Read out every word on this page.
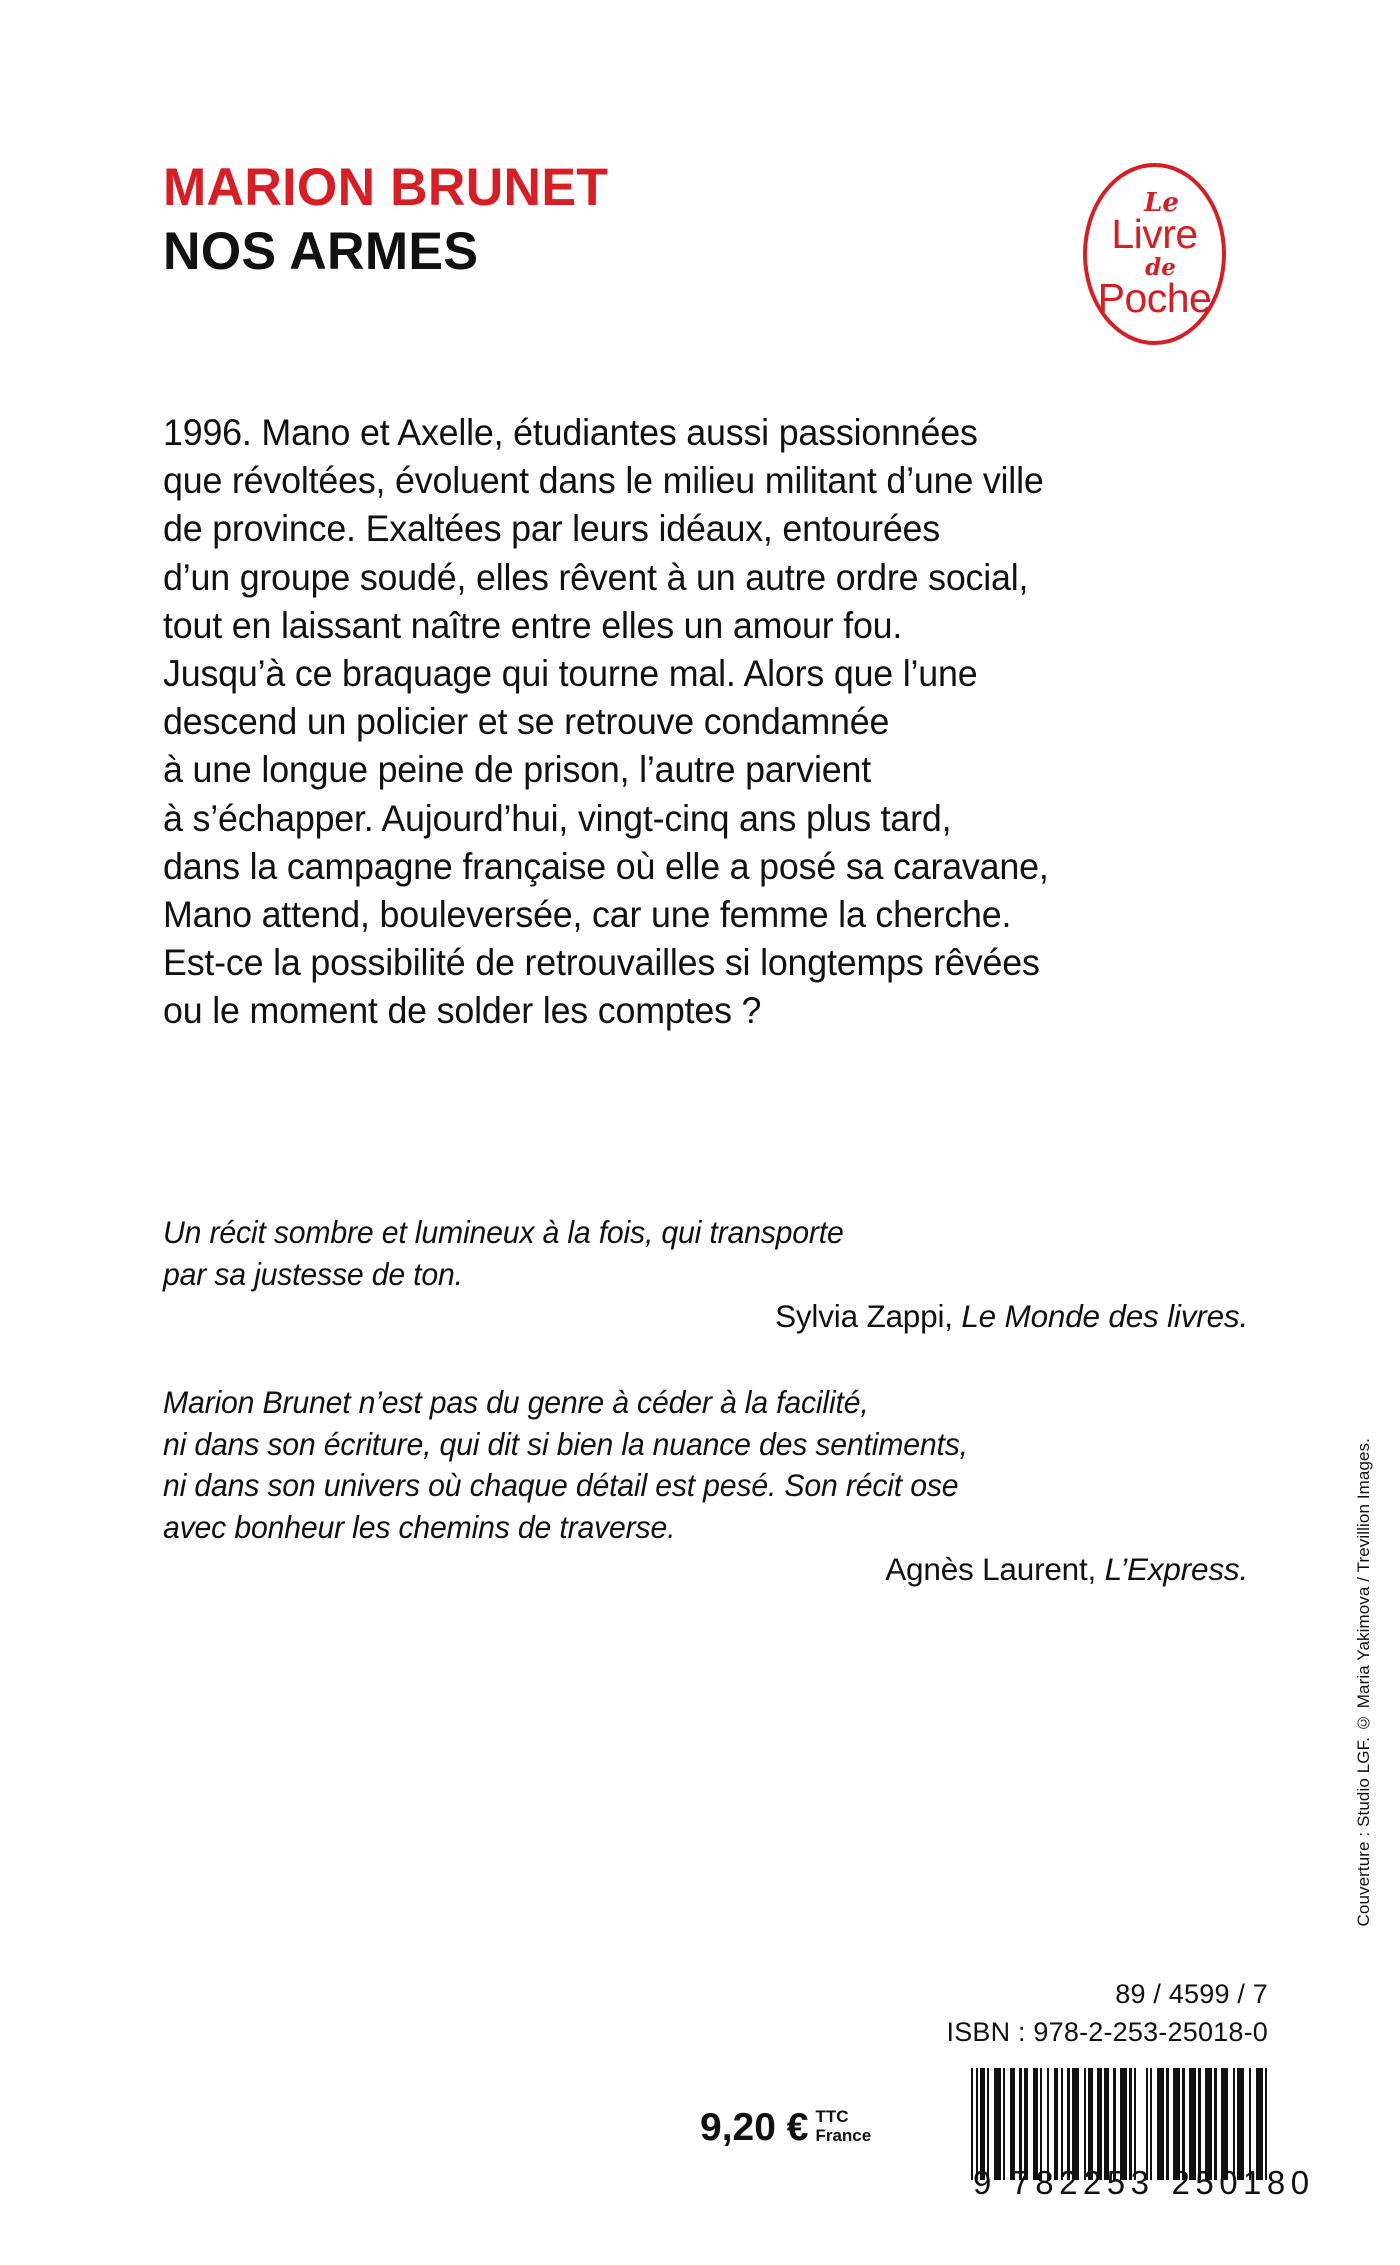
MARION BRUNET
NOS ARMES
Le
Livre
de
Poche
1996. Mano et Axelle, étudiantes aussi passionnées
que révoltées, évoluent dans le milieu militant d’une ville
de province. Exaltées par leurs idéaux, entourées
d’un groupe soudé, elles rêvent à un autre ordre social,
tout en laissant naître entre elles un amour fou.
Jusqu’à ce braquage qui tourne mal. Alors que l’une
descend un policier et se retrouve condamnée
à une longue peine de prison, l’autre parvient
à s’échapper. Aujourd’hui, vingt-cinq ans plus tard,
dans la campagne française où elle a posé sa caravane,
Mano attend, bouleversée, car une femme la cherche.
Est-ce la possibilité de retrouvailles si longtemps rêvées
ou le moment de solder les comptes ?
Un récit sombre et lumineux à la fois, qui transporte
par sa justesse de ton.
Sylvia Zappi, Le Monde des livres.
Marion Brunet n’est pas du genre à céder à la facilité,
ni dans son écriture, qui dit si bien la nuance des sentiments,
ni dans son univers où chaque détail est pesé. Son récit ose
avec bonheur les chemins de traverse.
Agnès Laurent, L’Express.	Couverture : Studio LGF. © Maria Yakimova / Trevillion Images.
89 / 4599 / 7
ISBN : 978-2-253-25018-0
9,20 € TTC
France
9 782253 250180
